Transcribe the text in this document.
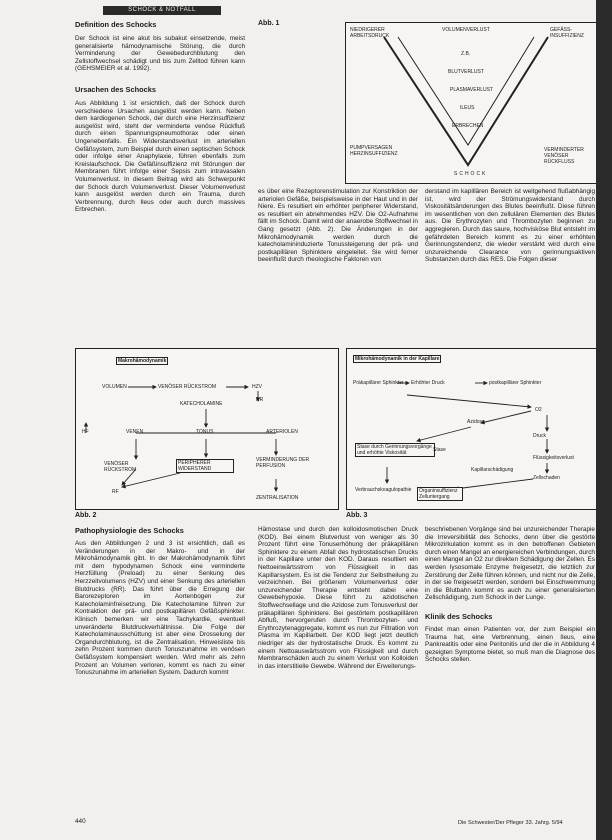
SCHOCK & NOTFALL
Definition des Schocks

Der Schock ist eine akut bis subakut einsetzende, meist generalisierte hämodynamische Störung, die durch Verminderung der Gewebedurchblutung den Zellstoffwechsel schädigt und bis zum Zelltod führen kann (GEHSMEIER et al. 1992).

Ursachen des Schocks

Aus Abbildung 1 ist ersichtlich, daß der Schock durch verschiedene Ursachen ausgelöst werden kann. Neben dem kardiogenen Schock, der durch eine Herzinsuffizienz ausgelöst wird, steht der verminderte venöse Rückfluß durch einen Spannungspneumothorax oder einen Ungenebenfalls. Ein Widerstandsverlust im arteriellen Gefäßsystem, zum Beispiel durch einen septischen Schock oder infolge einer Anaphylaxie, führen ebenfalls zum Kreislaufschock. Die Gefäßinsuffizienz mit Störungen der Membranen führt infolge einer Sepsis zum intravasalen Volumenverlust. In diesem Beitrag wird als Schwerpunkt der Schock durch Volumenverlust. Dieser Volumenverlust kann ausgelöst werden durch ein Trauma, durch Verbrennung, durch Ileus oder auch durch massives Erbrechen.

Abb. 1
NIEDRIGERER ARBEITSDRUCK
VOLUMENVERLUST	GEFÄSS-INSUFFIZIENZ
Z.B.
BLUTVERLUST
PLASMAVERLUST
ILEUS
ERBRECHEN
PUMPVERSAGEN HERZINSUFFIZIENZ
SCHOCK
VERMINDERTER VENÖSER RÜCKFLUSS

es über eine Rezeptorenstimulation zur Konstriktion der arteriolen Gefäße, beispielsweise in der Haut und in der Niere. Es resultiert ein erhöhter peripherer Widerstand, es resultiert ein abnehmendes HZV. Die O2-Aufnahme fällt im Schock. Damit wird der anaerobe Stoffwechsel in Gang gesetzt (Abb. 2). Die Änderungen in der Mikrohämodynamik werden durch die katecholamininduzierte Tonussteigerung der prä- und postkapillären Sphinktere eingeleitet. Sie wird ferner beeinflußt durch rheologische Faktoren von

derstand im kapillären Bereich ist weitgehend flußabhängig ist, wird der Strömungswiderstand durch Viskositätsänderungen des Blutes beeinflußt. Diese führen im wesentlichen von den zellulären Elementen des Blutes aus. Die Erythrozyten und Thrombozyten beginnen zu aggregieren. Durch das saure, hochvisköse Blut entsteht im gefährdeten Bereich kommt es zu einer erhöhten Gerinnungstendenz, die wieder verstärkt wird durch eine unzureichende Clearance von gerinnungsaktiven Substanzen durch das RES. Die Folgen dieser

Makrohämodynamik
VOLUMEN	VENÖSER RÜCKSTROM	HZV
RR
KATECHOLAMINE
HF	VENEN	TONUS	ARTERIOLEN
VENÖSER RÜCKSTROM
PERIPHERER WIDERSTAND
VERMINDERUNG DER PERFUSION
RF
ZENTRALISATION
Abb. 2
Mikrohämodynamik in der Kapillare
Präkapillärer Sphinkter Erhöhter Druck	postkapillärer Sphinkter
O2
Azidose
Druck
Flüssigkeitsverlust
Zellschaden
Stase durch Gerinnungsvorgänge und erhöhte Viskosität	Stase
Verbrauchskoagulopathie	Organinsuffizienz Zelluntergang
Kapillarschädigung
Abb. 3
Pathophysiologie des Schocks

Aus den Abbildungen 2 und 3 ist ersichtlich, daß es Veränderungen in der Makro- und in der Mikrohämodynamik gibt. In der Makrohämodynamik führt mit dem hypodynamen Schock eine verminderte Herzfüllung (Preload) zu einer Senkung des Herzzeitvolumens (HZV) und einer Senkung des arteriellen Blutdrucks (RR). Das führt über die Erregung der Barorezeptoren im Aortenbogen zur Katecholaminfreisetzung. Die Katecholamine führen zur Kontraktion der prä- und postkapillären Gefäßsphinkter. Klinisch bemerken wir eine Tachykardie, eventuell unveränderte Blutdruckverhältnisse. Die Folge der Katecholaminausschüttung ist aber eine Drosselung der Organdurchblutung, ist die Zentralisation. Hinweisliste bis zehn Prozent kommen durch Tonuszunahme im venösen Gefäßsystem kompensiert werden. Wird mehr als zehn Prozent an Volumen verloren, kommt es nach zu einer Tonuszunahme im arteriellen System. Dadurch kommt

Hämostase und durch den kolloidosmotischen Druck (KOD). Bei einem Blutverlust von weniger als 30 Prozent führt eine Tonuserhöhung der präkapillären Sphinktere zu einem Abfall des hydrostatischen Drucks in der Kapillare unter den KOD. Daraus resultiert ein Nettoeinwärtsstrom von Flüssigkeit in das Kapillarsystem. Es ist die Tendenz zur Selbstheilung zu verzeichnen. Bei größerem Volumenverlust oder unzureichender Therapie entsteht dabei eine Gewebehypoxie. Diese führt zu azidotischen Stoffwechsellage und die Azidose zum Tonusverlust der präkapillären Sphinktere. Bei gestörtem postkapillären Abfluß, hervorgerufen durch Thrombozyten- und Erythrozytenaggregate, kommt es nun zur Filtration von Plasma im Kapillarbett. Der KOD liegt jetzt deutlich niedriger als der hydrostatische Druck. Es kommt zu einem Nettoauswärtsstrom von Flüssigkeit und durch Membranschäden auch zu einem Verlust von Kolloiden in das interstitielle Gewebe. Während der Erweiterungs-

beschriebenen Vorgänge sind bei unzureichender Therapie die Irreversibilität des Schocks, denn über die gestörte Mikrozirkulation kommt es in den betroffenen Gebieten durch einen Mangel an energiereichen Verbindungen, durch einen Mangel an O2 zur direkten Schädigung der Zellen. Es werden lysosomale Enzyme freigesetzt, die letztlich zur Zerstörung der Zelle führen können, und nicht nur die Zelle, in der sie freigesetzt werden, sondern bei Einschwemmung in die Blutbahn kommt es auch zu einer generalisierten Zellschädigung, zum Schock in der Lunge.

Klinik des Schocks

Findet man einen Patienten vor, der zum Beispiel ein Trauma hat, eine Verbrennung, einen Ileus, eine Pankreatitis oder eine Peritonitis und der die in Abbildung 4 gezeigten Symptome bietet, so muß man die Diagnose des Schocks stellen.

440	Die Schwester/Der Pfleger 33. Jahrg. 5/94
